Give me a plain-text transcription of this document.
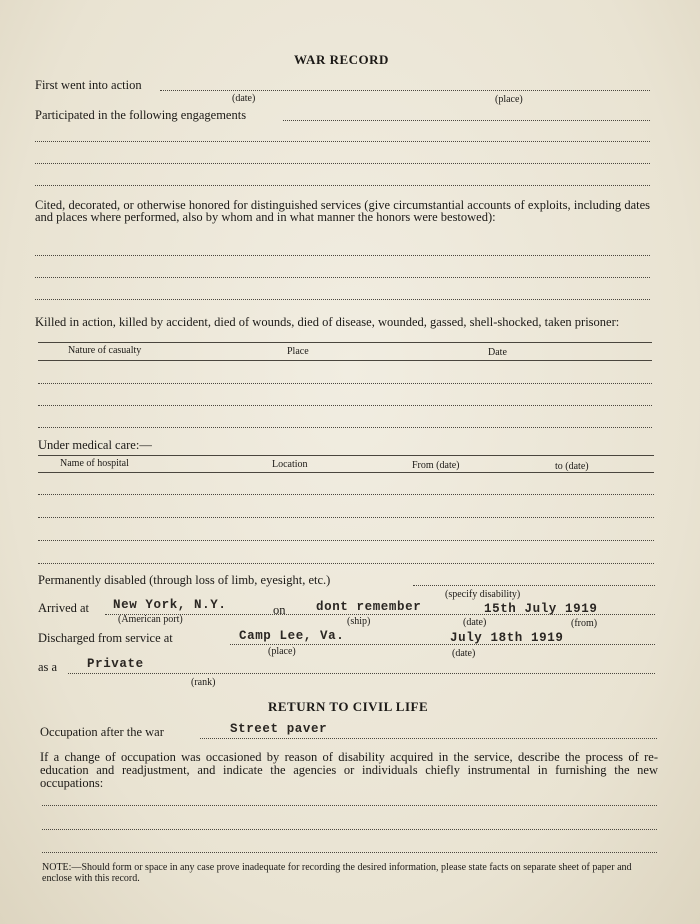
WAR RECORD
First went into action
(date)	(place)
Participated in the following engagements
Cited, decorated, or otherwise honored for distinguished services (give circumstantial accounts of exploits, including dates and places where performed, also by whom and in what manner the honors were bestowed):
Killed in action, killed by accident, died of wounds, died of disease, wounded, gassed, shell-shocked, taken prisoner:
Nature of casualty	Place	Date
Under medical care:—
Name of hospital	Location	From (date)	to (date)
Permanently disabled (through loss of limb, eyesight, etc.)
(specify disability)
Arrived at New York, N.Y.	on dont remember	15th July 1919
(American port)	(ship)	(date)	(from)
Discharged from service at	Camp Lee, Va.	July 18th 1919
(place)	(date)
as a Private
(rank)
RETURN TO CIVIL LIFE
Occupation after the war	Street paver
If a change of occupation was occasioned by reason of disability acquired in the service, describe the process of re-education and readjustment, and indicate the agencies or individuals chiefly instrumental in furnishing the new occupations:
NOTE:—Should form or space in any case prove inadequate for recording the desired information, please state facts on separate sheet of paper and enclose with this record.
